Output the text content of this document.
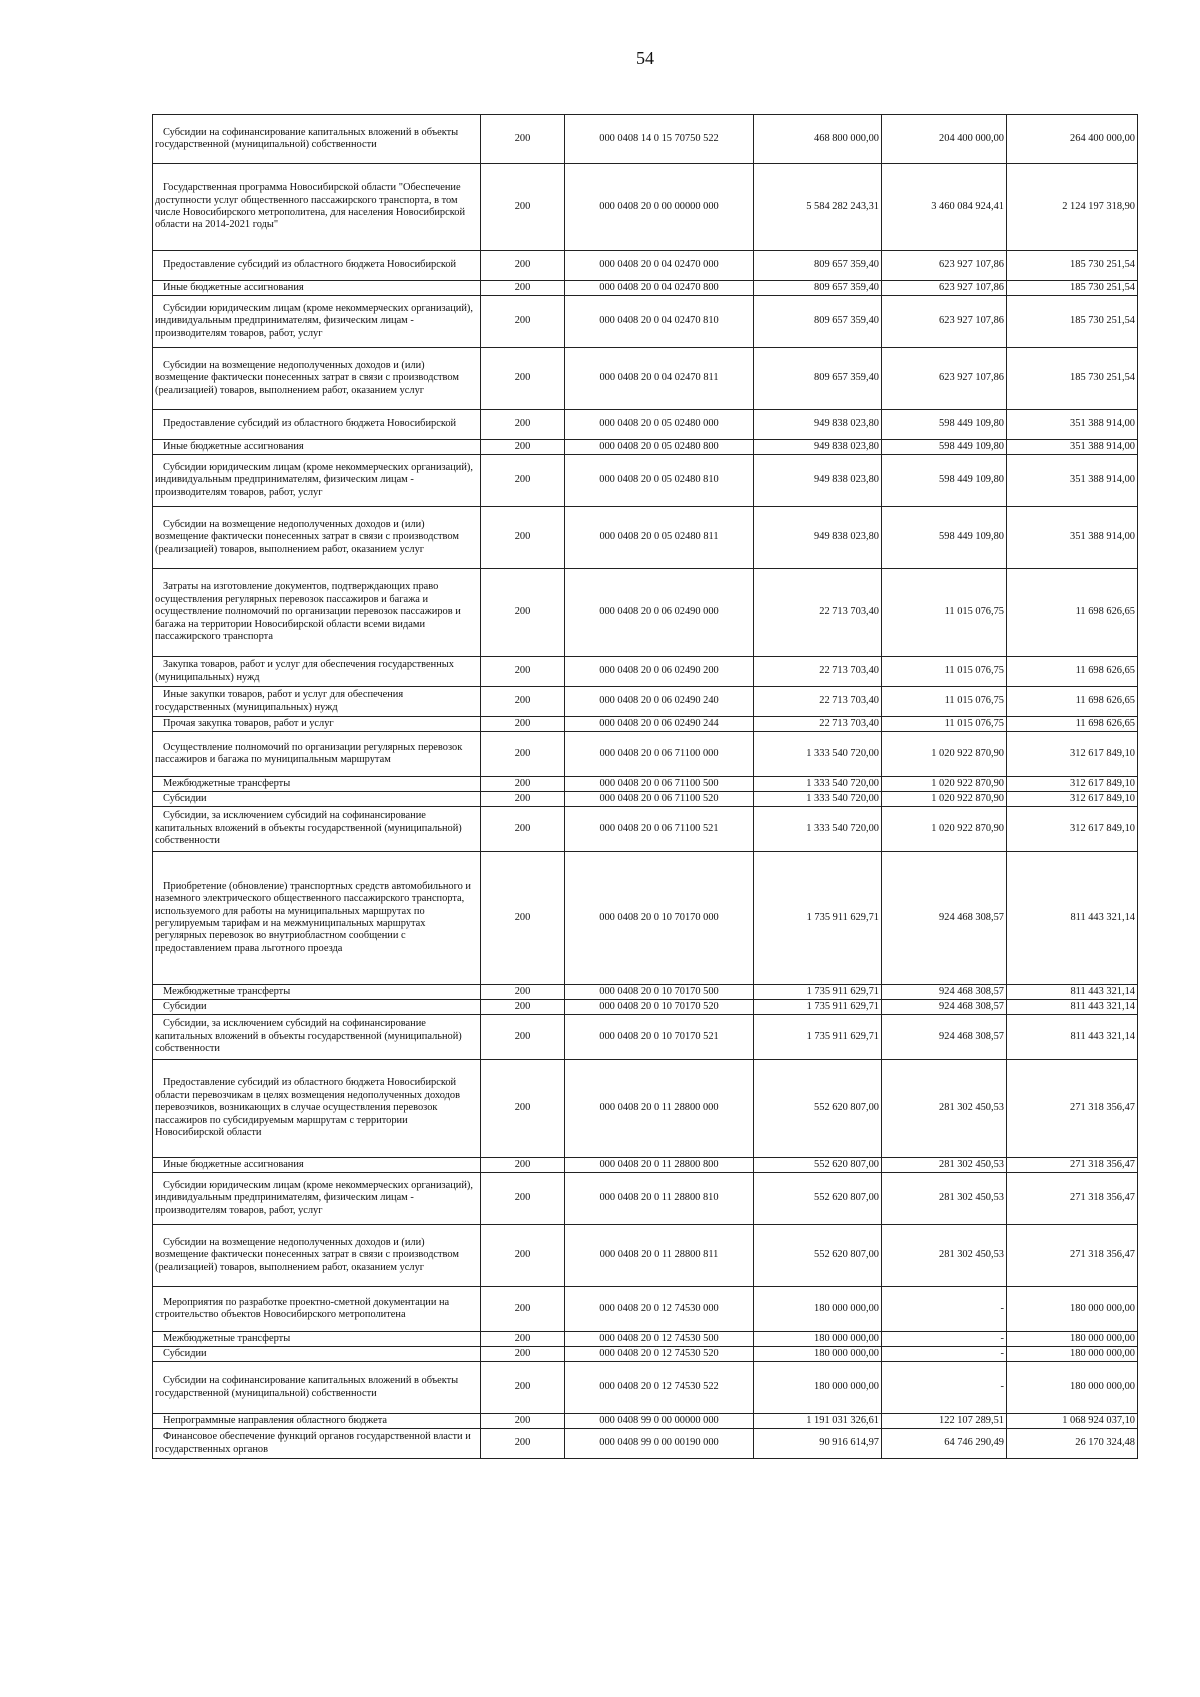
54
Субсидии на софинансирование капитальных вложений в объекты государственной (муниципальной) собственности	200	000 0408 14 0 15 70750 522	468 800 000,00	204 400 000,00	264 400 000,00
Государственная программа Новосибирской области "Обеспечение доступности услуг общественного пассажирского транспорта, в том числе Новосибирского метрополитена, для населения Новосибирской области на 2014-2021 годы"	200	000 0408 20 0 00 00000 000	5 584 282 243,31	3 460 084 924,41	2 124 197 318,90
Предоставление субсидий из областного бюджета Новосибирской	200	000 0408 20 0 04 02470 000	809 657 359,40	623 927 107,86	185 730 251,54
Иные бюджетные ассигнования	200	000 0408 20 0 04 02470 800	809 657 359,40	623 927 107,86	185 730 251,54
Субсидии юридическим лицам (кроме некоммерческих организаций), индивидуальным предпринимателям, физическим лицам - производителям товаров, работ, услуг	200	000 0408 20 0 04 02470 810	809 657 359,40	623 927 107,86	185 730 251,54
Субсидии на возмещение недополученных доходов и (или) возмещение фактически понесенных затрат в связи с производством (реализацией) товаров, выполнением работ, оказанием услуг	200	000 0408 20 0 04 02470 811	809 657 359,40	623 927 107,86	185 730 251,54
Предоставление субсидий из областного бюджета Новосибирской	200	000 0408 20 0 05 02480 000	949 838 023,80	598 449 109,80	351 388 914,00
Иные бюджетные ассигнования	200	000 0408 20 0 05 02480 800	949 838 023,80	598 449 109,80	351 388 914,00
Субсидии юридическим лицам (кроме некоммерческих организаций), индивидуальным предпринимателям, физическим лицам - производителям товаров, работ, услуг	200	000 0408 20 0 05 02480 810	949 838 023,80	598 449 109,80	351 388 914,00
Субсидии на возмещение недополученных доходов и (или) возмещение фактически понесенных затрат в связи с производством (реализацией) товаров, выполнением работ, оказанием услуг	200	000 0408 20 0 05 02480 811	949 838 023,80	598 449 109,80	351 388 914,00
Затраты на изготовление документов, подтверждающих право осуществления регулярных перевозок пассажиров и багажа и осуществление полномочий по организации перевозок пассажиров и багажа на территории Новосибирской области всеми видами пассажирского транспорта	200	000 0408 20 0 06 02490 000	22 713 703,40	11 015 076,75	11 698 626,65
Закупка товаров, работ и услуг для обеспечения государственных (муниципальных) нужд	200	000 0408 20 0 06 02490 200	22 713 703,40	11 015 076,75	11 698 626,65
Иные закупки товаров, работ и услуг для обеспечения государственных (муниципальных) нужд	200	000 0408 20 0 06 02490 240	22 713 703,40	11 015 076,75	11 698 626,65
Прочая закупка товаров, работ и услуг	200	000 0408 20 0 06 02490 244	22 713 703,40	11 015 076,75	11 698 626,65
Осуществление полномочий по организации регулярных перевозок пассажиров и багажа по муниципальным маршрутам	200	000 0408 20 0 06 71100 000	1 333 540 720,00	1 020 922 870,90	312 617 849,10
Межбюджетные трансферты	200	000 0408 20 0 06 71100 500	1 333 540 720,00	1 020 922 870,90	312 617 849,10
Субсидии	200	000 0408 20 0 06 71100 520	1 333 540 720,00	1 020 922 870,90	312 617 849,10
Субсидии, за исключением субсидий на софинансирование капитальных вложений в объекты государственной (муниципальной) собственности	200	000 0408 20 0 06 71100 521	1 333 540 720,00	1 020 922 870,90	312 617 849,10
Приобретение (обновление) транспортных средств автомобильного и наземного электрического общественного пассажирского транспорта, используемого для работы на муниципальных маршрутах по регулируемым тарифам и на межмуниципальных маршрутах регулярных перевозок во внутриобластном сообщении с предоставлением права льготного проезда	200	000 0408 20 0 10 70170 000	1 735 911 629,71	924 468 308,57	811 443 321,14
Межбюджетные трансферты	200	000 0408 20 0 10 70170 500	1 735 911 629,71	924 468 308,57	811 443 321,14
Субсидии	200	000 0408 20 0 10 70170 520	1 735 911 629,71	924 468 308,57	811 443 321,14
Субсидии, за исключением субсидий на софинансирование капитальных вложений в объекты государственной (муниципальной) собственности	200	000 0408 20 0 10 70170 521	1 735 911 629,71	924 468 308,57	811 443 321,14
Предоставление субсидий из областного бюджета Новосибирской области перевозчикам в целях возмещения недополученных доходов перевозчиков, возникающих в случае осуществления перевозок пассажиров по субсидируемым маршрутам с территории Новосибирской области	200	000 0408 20 0 11 28800 000	552 620 807,00	281 302 450,53	271 318 356,47
Иные бюджетные ассигнования	200	000 0408 20 0 11 28800 800	552 620 807,00	281 302 450,53	271 318 356,47
Субсидии юридическим лицам (кроме некоммерческих организаций), индивидуальным предпринимателям, физическим лицам - производителям товаров, работ, услуг	200	000 0408 20 0 11 28800 810	552 620 807,00	281 302 450,53	271 318 356,47
Субсидии на возмещение недополученных доходов и (или) возмещение фактически понесенных затрат в связи с производством (реализацией) товаров, выполнением работ, оказанием услуг	200	000 0408 20 0 11 28800 811	552 620 807,00	281 302 450,53	271 318 356,47
Мероприятия по разработке проектно-сметной документации на строительство объектов Новосибирского метрополитена	200	000 0408 20 0 12 74530 000	180 000 000,00	-	180 000 000,00
Межбюджетные трансферты	200	000 0408 20 0 12 74530 500	180 000 000,00	-	180 000 000,00
Субсидии	200	000 0408 20 0 12 74530 520	180 000 000,00	-	180 000 000,00
Субсидии на софинансирование капитальных вложений в объекты государственной (муниципальной) собственности	200	000 0408 20 0 12 74530 522	180 000 000,00	-	180 000 000,00
Непрограммные направления областного бюджета	200	000 0408 99 0 00 00000 000	1 191 031 326,61	122 107 289,51	1 068 924 037,10
Финансовое обеспечение функций органов государственной власти и государственных органов	200	000 0408 99 0 00 00190 000	90 916 614,97	64 746 290,49	26 170 324,48
